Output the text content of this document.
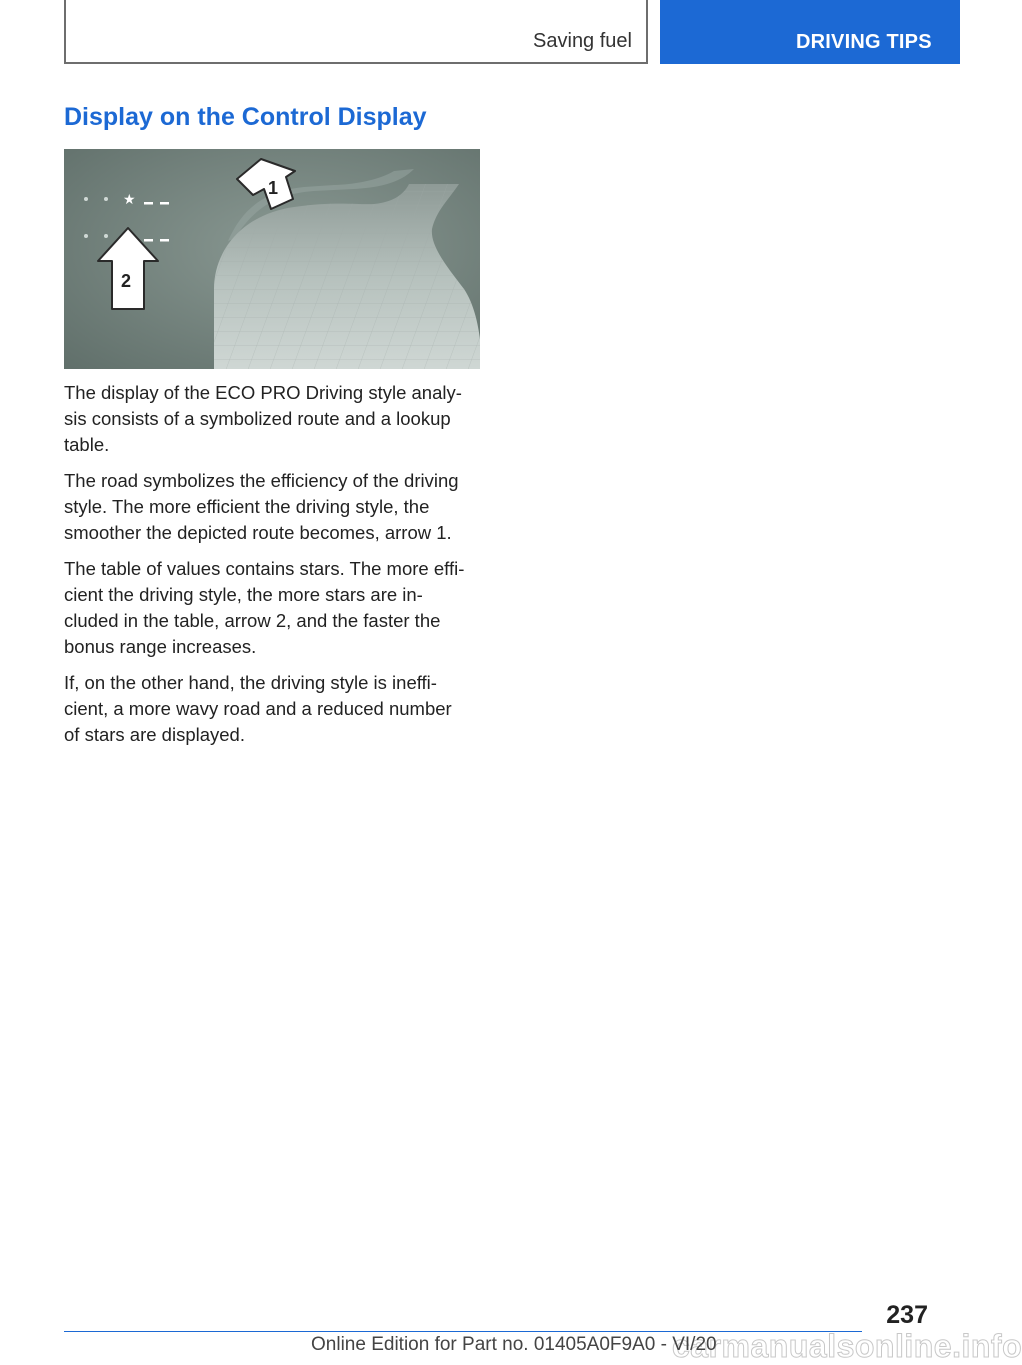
Saving fuel	DRIVING TIPS
Display on the Control Display
★
1
2

The display of the ECO PRO Driving style analy-
sis consists of a symbolized route and a lookup
table.

The road symbolizes the efficiency of the driving
style. The more efficient the driving style, the
smoother the depicted route becomes, arrow 1.

The table of values contains stars. The more effi-
cient the driving style, the more stars are in-
cluded in the table, arrow 2, and the faster the
bonus range increases.

If, on the other hand, the driving style is ineffi-
cient, a more wavy road and a reduced number
of stars are displayed.

237
carmanualsonline.info
Online Edition for Part no. 01405A0F9A0 - VI/20
